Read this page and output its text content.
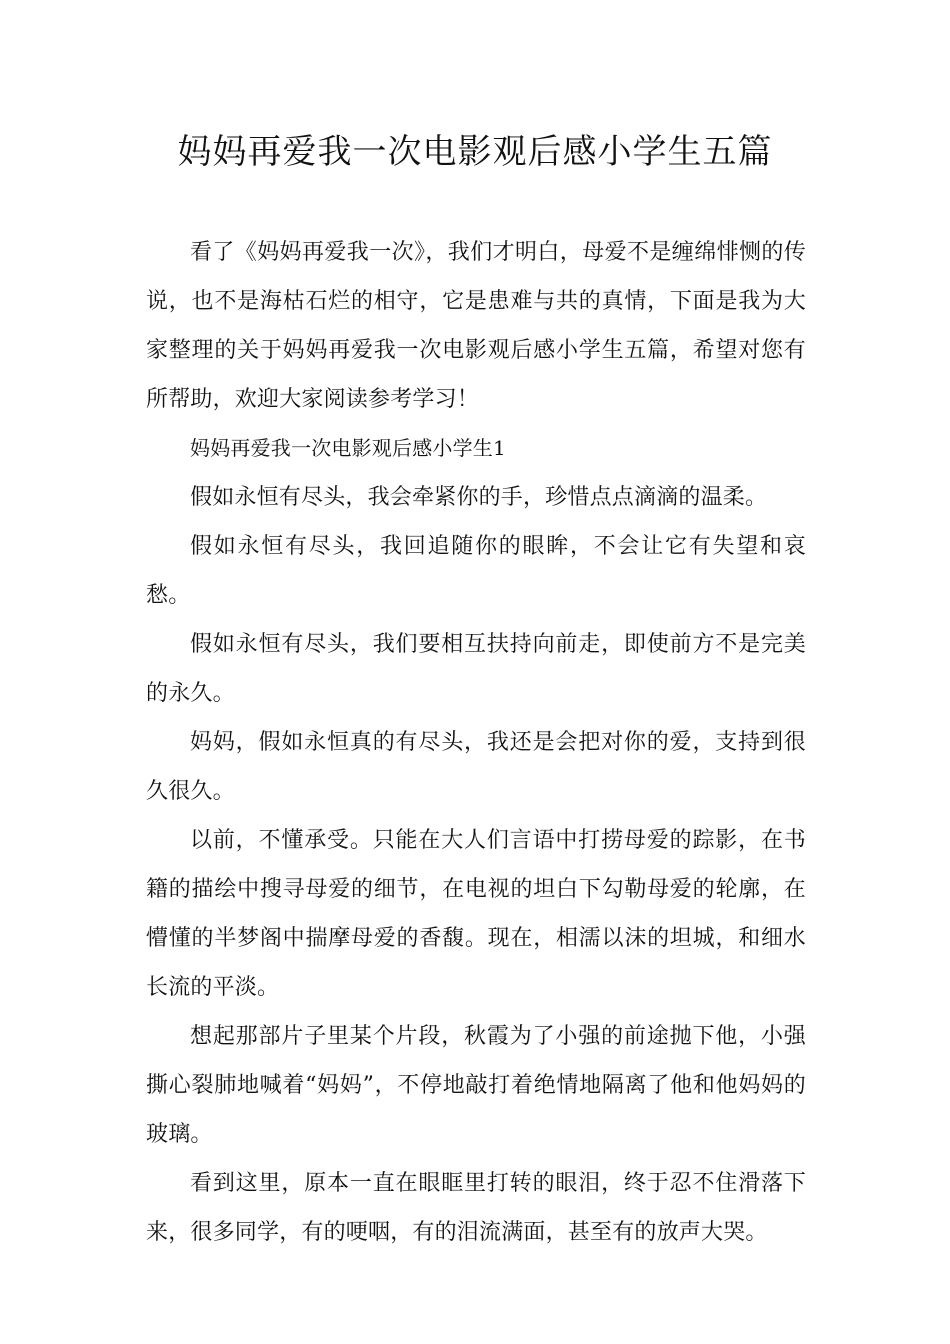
妈妈再爱我一次电影观后感小学生五篇

看了《妈妈再爱我一次》，我们才明白，母爱不是缠绵悱恻的传说，也不是海枯石烂的相守，它是患难与共的真情，下面是我为大家整理的关于妈妈再爱我一次电影观后感小学生五篇，希望对您有所帮助，欢迎大家阅读参考学习！

妈妈再爱我一次电影观后感小学生1

假如永恒有尽头，我会牵紧你的手，珍惜点点滴滴的温柔。

假如永恒有尽头，我回追随你的眼眸，不会让它有失望和哀愁。

假如永恒有尽头，我们要相互扶持向前走，即使前方不是完美的永久。

妈妈，假如永恒真的有尽头，我还是会把对你的爱，支持到很久很久。

以前，不懂承受。只能在大人们言语中打捞母爱的踪影，在书籍的描绘中搜寻母爱的细节，在电视的坦白下勾勒母爱的轮廓，在懵懂的半梦阁中揣摩母爱的香馥。现在，相濡以沫的坦城，和细水长流的平淡。

想起那部片子里某个片段，秋霞为了小强的前途抛下他，小强撕心裂肺地喊着“妈妈”，不停地敲打着绝情地隔离了他和他妈妈的玻璃。

看到这里，原本一直在眼眶里打转的眼泪，终于忍不住滑落下来，很多同学，有的哽咽，有的泪流满面，甚至有的放声大哭。
